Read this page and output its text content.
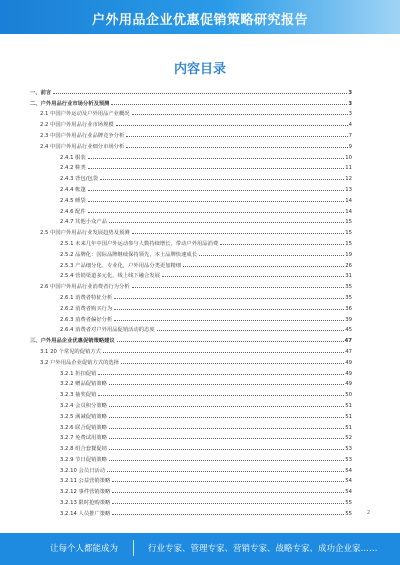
户外用品企业优惠促销策略研究报告
内容目录
一、前言	3
二、户外用品行业市场分析及预测	3
2.1 中国户外运动及户外用品产业概况	3
2.2 中国户外用品行业市场规模	4
2.3 中国户外用品行业品牌竞争分析	7
2.4 中国户外用品行业细分市场分析	9
2.4.1 服装	10
2.4.2 鞋类	11
2.4.3 背包/包袋	12
2.4.4 帐篷	13
2.4.5 睡袋	14
2.4.6 配件	14
2.4.7 其他小众产品	15
2.5 中国户外用品行业发展趋势及预测	15
2.5.1 未来几年中国户外运动参与人数持续增长，带动户外用品消费	15
2.5.2 品牌化：国际品牌继续保持领先，本土品牌快速成长	19
2.5.3 产品细分化、专业化，户外用品分类更加精细	26
2.5.4 营销渠道多元化，线上线下融合发展	31
2.6 中国户外用品行业消费者行为分析	35
2.6.1 消费者特征分析	35
2.6.2 消费者购买行为	36
2.6.3 消费者偏好分析	39
2.6.4 消费者对户外用品促销活动的态度	45
三、户外用品企业优惠促销策略建议	47
3.1 20 个常见的促销方式	47
3.2 户外用品企业促销方式的选择	49
3.2.1 折扣促销	49
3.2.2 赠品促销策略	49
3.2.3 抽奖促销	50
3.2.4 会员积分策略	51
3.2.5 满减促销策略	51
3.2.6 联合促销策略	51
3.2.7 免费试用策略	52
3.2.8 组合套餐促销	53
3.2.9 节日促销策略	53
3.2.10 会员日活动	54
3.2.11 公益营销策略	54
3.2.12 事件营销策略	54
3.2.13 限时抢购策略	55
3.2.14 人员推广策略	55	2
让每个人都能成为	行业专家、管理专家、营销专家、战略专家、成功企业家……
